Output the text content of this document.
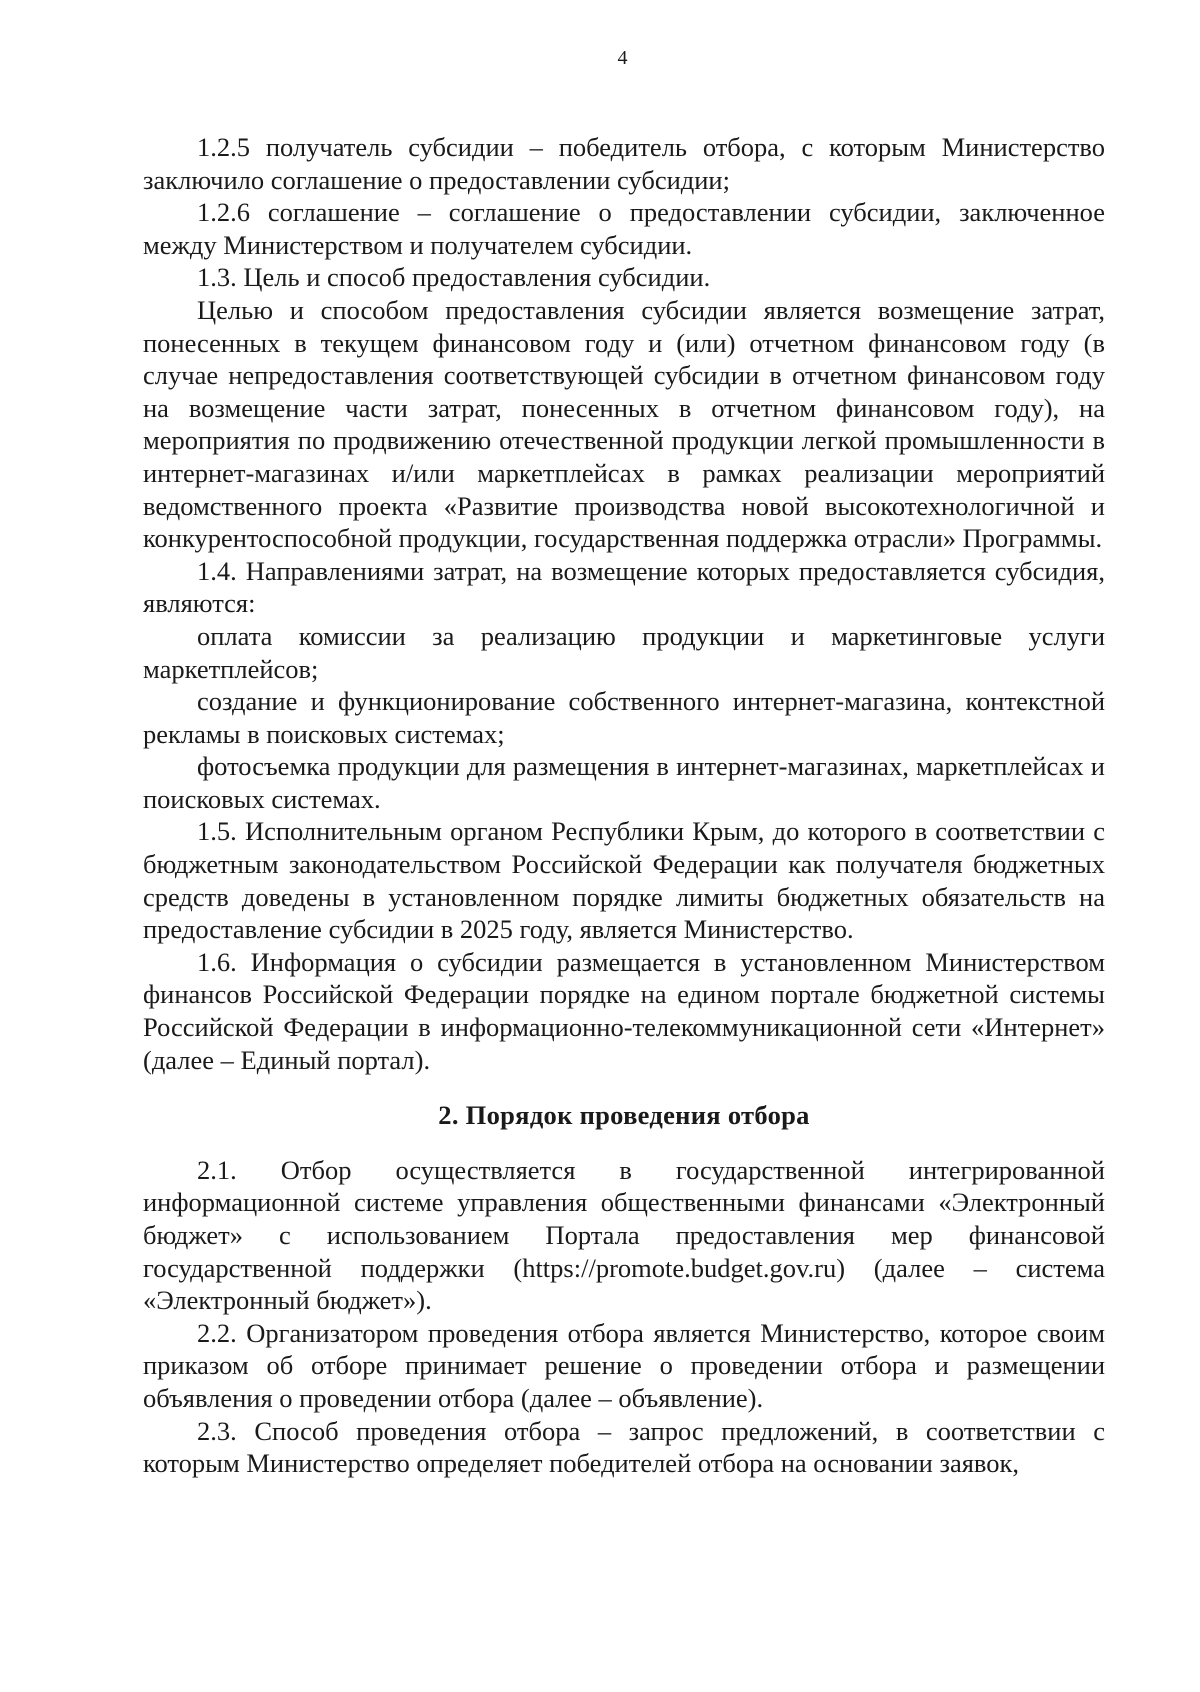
4

1.2.5 получатель субсидии – победитель отбора, с которым Министерство заключило соглашение о предоставлении субсидии;

1.2.6 соглашение – соглашение о предоставлении субсидии, заключенное между Министерством и получателем субсидии.

1.3. Цель и способ предоставления субсидии.

Целью и способом предоставления субсидии является возмещение затрат, понесенных в текущем финансовом году и (или) отчетном финансовом году (в случае непредоставления соответствующей субсидии в отчетном финансовом году на возмещение части затрат, понесенных в отчетном финансовом году), на мероприятия по продвижению отечественной продукции легкой промышленности в интернет-магазинах и/или маркетплейсах в рамках реализации мероприятий ведомственного проекта «Развитие производства новой высокотехнологичной и конкурентоспособной продукции, государственная поддержка отрасли» Программы.

1.4. Направлениями затрат, на возмещение которых предоставляется субсидия, являются:

оплата комиссии за реализацию продукции и маркетинговые услуги маркетплейсов;

создание и функционирование собственного интернет-магазина, контекстной рекламы в поисковых системах;

фотосъемка продукции для размещения в интернет-магазинах, маркетплейсах и поисковых системах.

1.5. Исполнительным органом Республики Крым, до которого в соответствии с бюджетным законодательством Российской Федерации как получателя бюджетных средств доведены в установленном порядке лимиты бюджетных обязательств на предоставление субсидии в 2025 году, является Министерство.

1.6. Информация о субсидии размещается в установленном Министерством финансов Российской Федерации порядке на едином портале бюджетной системы Российской Федерации в информационно-телекоммуникационной сети «Интернет» (далее – Единый портал).

2. Порядок проведения отбора

2.1. Отбор осуществляется в государственной интегрированной информационной системе управления общественными финансами «Электронный бюджет» с использованием Портала предоставления мер финансовой государственной поддержки (https://promote.budget.gov.ru) (далее – система «Электронный бюджет»).

2.2. Организатором проведения отбора является Министерство, которое своим приказом об отборе принимает решение о проведении отбора и размещении объявления о проведении отбора (далее – объявление).

2.3. Способ проведения отбора – запрос предложений, в соответствии с которым Министерство определяет победителей отбора на основании заявок,
